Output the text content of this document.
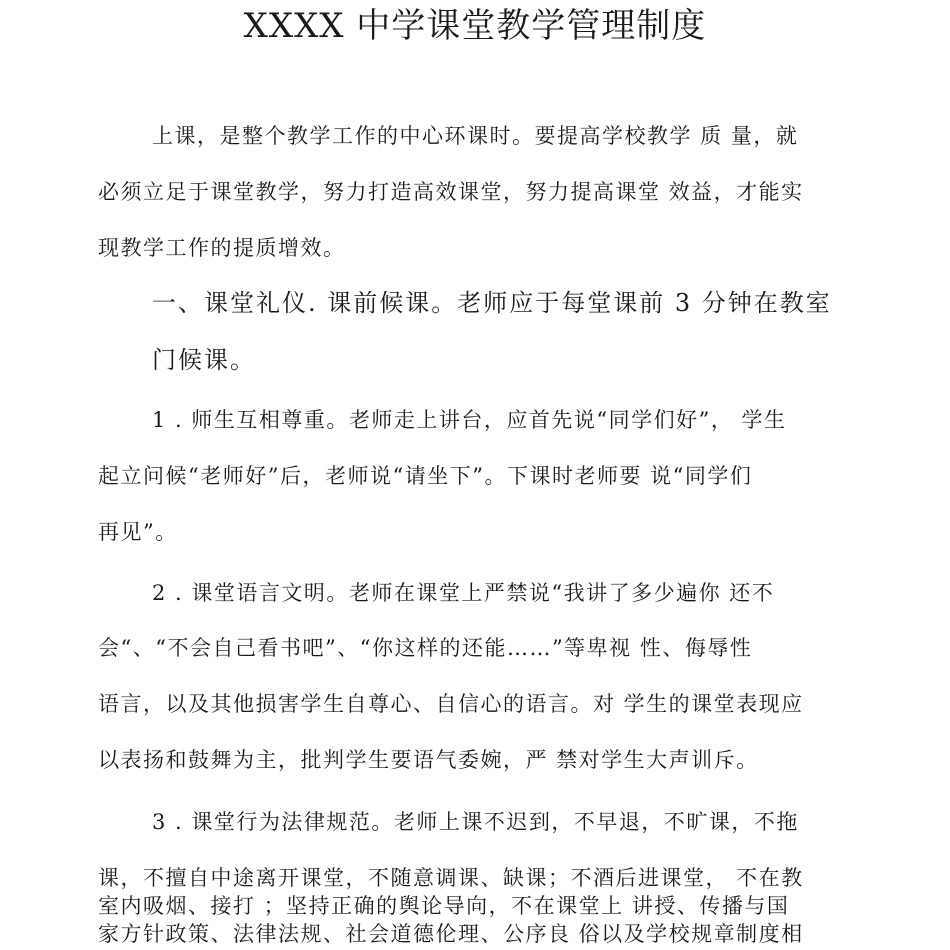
XXXX 中学课堂教学管理制度
上课，是整个教学工作的中心环课时。要提高学校教学 质 量，就
必须立足于课堂教学，努力打造高效课堂，努力提高课堂 效益，才能实
现教学工作的提质增效。
一、课堂礼仪. 课前候课。老师应于每堂课前 3 分钟在教室
门候课。
1 . 师生互相尊重。老师走上讲台，应首先说“同学们好”， 学生
起立问候“老师好”后，老师说“请坐下”。下课时老师要 说“同学们
再见”。
2 . 课堂语言文明。老师在课堂上严禁说“我讲了多少遍你 还不
会“、“不会自己看书吧”、“你这样的还能……”等卑视 性、侮辱性
语言，以及其他损害学生自尊心、自信心的语言。对 学生的课堂表现应
以表扬和鼓舞为主，批判学生要语气委婉，严 禁对学生大声训斥。
3 . 课堂行为法律规范。老师上课不迟到，不早退，不旷课，不拖
课，不擅自中途离开课堂，不随意调课、缺课；不酒后进课堂， 不在教
室内吸烟、接打 ；坚持正确的舆论导向，不在课堂上 讲授、传播与国
家方针政策、法律法规、社会道德伦理、公序良 俗以及学校规章制度相
